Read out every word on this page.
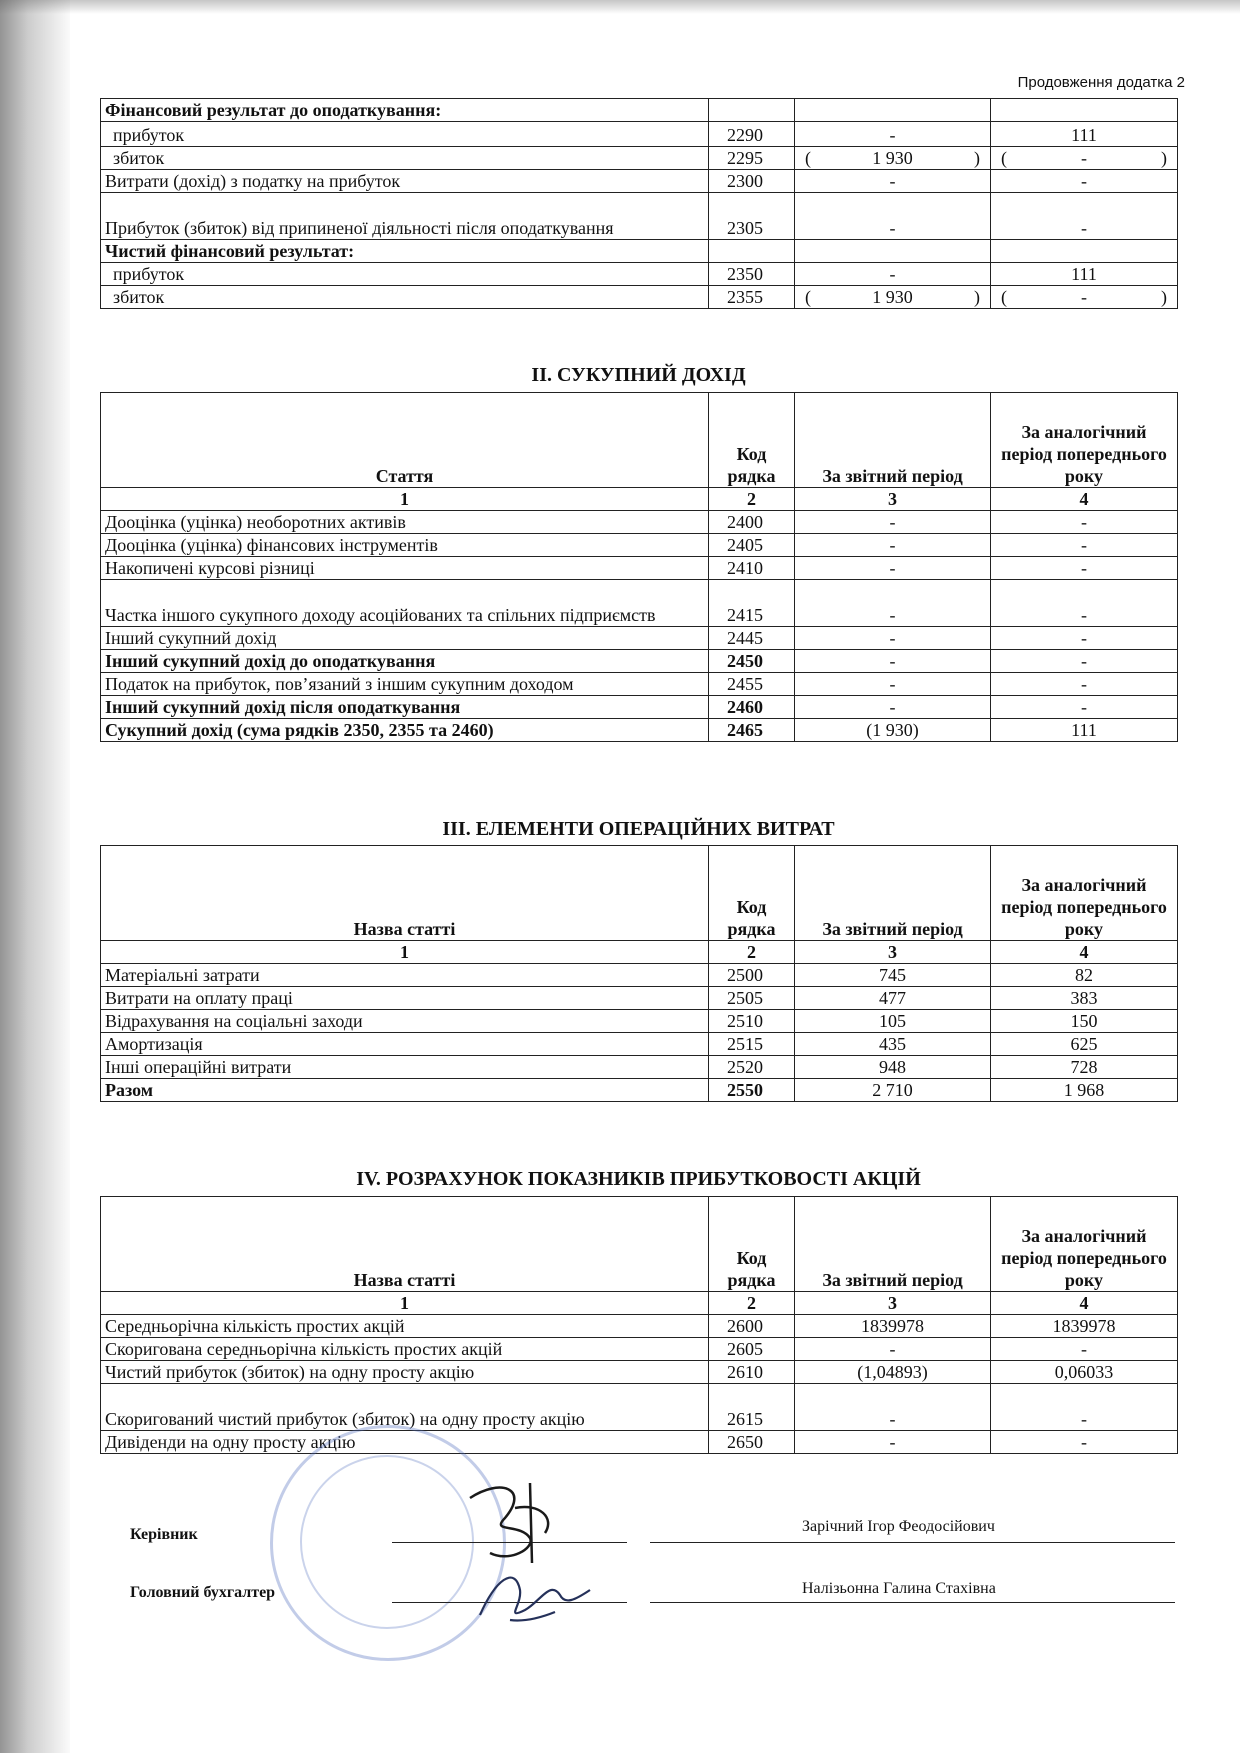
Продовження додатка 2
Фінансовий результат до оподаткування:			
прибуток	2290	-	111
збиток	2295	( 1 930 )	( - )

Витрати (дохід) з податку на прибуток	2300	-	-
Прибуток (збиток) від припиненої діяльності після оподаткування	2305	-	-
Чистий фінансовий результат:			
прибуток	2350	-	111
збиток	2355	( 1 930 )	( - )
II. СУКУПНИЙ ДОХІД
Стаття	Код рядка	За звітний період	За аналогічний період попереднього року
1	2	3	4
Дооцінка (уцінка) необоротних активів	2400	-	-
Дооцінка (уцінка) фінансових інструментів	2405	-	-
Накопичені курсові різниці	2410	-	-
Частка іншого сукупного доходу асоційованих та спільних підприємств	2415	-	-
Інший сукупний дохід	2445	-	-
Інший сукупний дохід до оподаткування	2450	-	-
Податок на прибуток, пов’язаний з іншим сукупним доходом	2455	-	-
Інший сукупний дохід після оподаткування	2460	-	-
Сукупний дохід (сума рядків 2350, 2355 та 2460)	2465	(1 930)	111
III. ЕЛЕМЕНТИ ОПЕРАЦІЙНИХ ВИТРАТ
Назва статті	Код рядка	За звітний період	За аналогічний період попереднього року
1	2	3	4
Матеріальні затрати	2500	745	82
Витрати на оплату праці	2505	477	383
Відрахування на соціальні заходи	2510	105	150
Амортизація	2515	435	625
Інші операційні витрати	2520	948	728
Разом	2550	2 710	1 968
IV. РОЗРАХУНОК ПОКАЗНИКІВ ПРИБУТКОВОСТІ АКЦІЙ
Назва статті	Код рядка	За звітний період	За аналогічний період попереднього року
1	2	3	4
Середньорічна кількість простих акцій	2600	1839978	1839978
Скоригована середньорічна кількість простих акцій	2605	-	-
Чистий прибуток (збиток) на одну просту акцію	2610	(1,04893)	0,06033
Скоригований чистий прибуток (збиток) на одну просту акцію	2615	-	-
Дивіденди на одну просту акцію	2650	-	-
Керівник	Зарічний Ігор Феодосійович
Головний бухгалтер	Налізьонна Галина Стахівна
